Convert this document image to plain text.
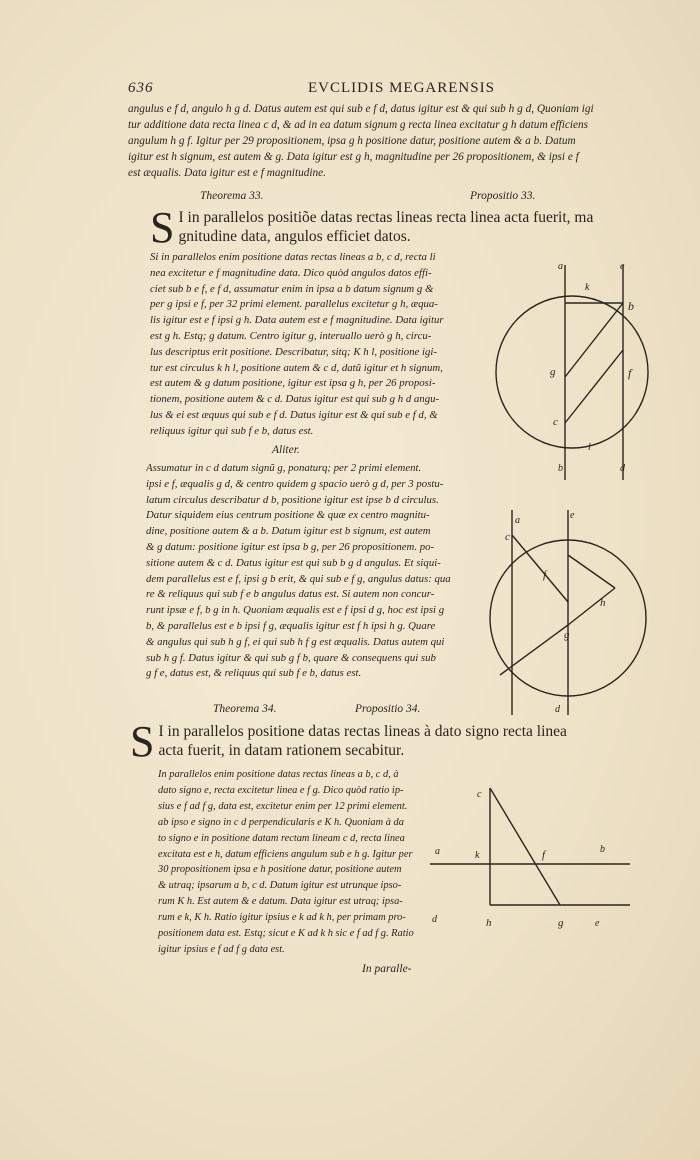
636	EVCLIDIS MEGARENSIS
angulus e f d, angulo h g d. Datus autem est qui sub e f d, datus igitur est & qui sub h g d, Quoniam igi
tur additione data recta linea c d, & ad in ea datum signum g recta linea excitatur g h datum efficiens
angulum h g f. Igitur per 29 propositionem, ipsa g h positione datur, positione autem & a b. Datum
igitur est h signum, est autem & g. Data igitur est g h, magnitudine per 26 propositionem, & ipsi e f
est æqualis. Data igitur est e f magnitudine.
Theorema 33.	Propositio 33.
S I in parallelos positiõe datas rectas lineas recta linea acta fuerit, ma
gnitudine data, angulos efficiet datos.
Si in parallelos enim positione datas rectas lineas a b, c d, recta li
nea excitetur e f magnitudine data. Dico quòd angulos datos effi-
ciet sub b e f, e f d, assumatur enim in ipsa a b datum signum g &
per g ipsi e f, per 32 primi element. parallelus excitetur g h, æqua-
lis igitur est e f ipsi g h. Data autem est e f magnitudine. Data igitur
est g h. Estq; g datum. Centro igitur g, interuallo uerò g h, circu-
lus descriptus erit positione. Describatur, sitq; K h l, positione igi-
tur est circulus k h l, positione autem & c d, datũ igitur et h signum,
est autem & g datum positione, igitur est ipsa g h, per 26 proposi-
tionem, positione autem & c d. Datus igitur est qui sub g h d angu-
lus & ei est æquus qui sub e f d. Datus igitur est & qui sub e f d, &
reliquus igitur qui sub f e b, datus est.
Aliter.
Assumatur in c d datum signũ g, ponaturq; per 2 primi element.
ipsi e f, æqualis g d, & centro quidem g spacio uerò g d, per 3 postu-
latum circulus describatur d b, positione igitur est ipse b d circulus.
Datur siquidem eius centrum positione & quæ ex centro magnitu-
dine, positione autem & a b. Datum igitur est b signum, est autem
& g datum: positione igitur est ipsa b g, per 26 propositionem. po-
sitione autem & c d. Datus igitur est qui sub b g d angulus. Et siqui-
dem parallelus est e f, ipsi g b erit, & qui sub e f g, angulus datus: qua
re & reliquus qui sub f e b angulus datus est. Si autem non concur-
runt ipsæ e f, b g in h. Quoniam æqualis est e f ipsi d g, hoc est ipsi g
b, & parallelus est e b ipsi f g, æqualis igitur est f h ipsi h g. Quare
& angulus qui sub h g f, ei qui sub h f g est æqualis. Datus autem qui
sub h g f. Datus igitur & qui sub g f b, quare & consequens qui sub
g f e, datus est, & reliquus qui sub f e b, datus est.
Theorema 34.	Propositio 34.
S I in parallelos positione datas rectas lineas à dato signo recta linea
acta fuerit, in datam rationem secabitur.
In parallelos enim positione datas rectas lineas a b, c d, à
dato signo e, recta excitetur linea e f g. Dico quòd ratio ip-
sius e f ad f g, data est, excitetur enim per 12 primi element.
ab ipso e signo in c d perpendicularis e K h. Quoniam à da
to signo e in positione datam rectam lineam c d, recta linea
excitata est e h, datum efficiens angulum sub e h g. Igitur per
30 propositionem ipsa e h positione datur, positione autem
& utraq; ipsarum a b, c d. Datum igitur est utrunque ipso-
rum K h. Est autem & e datum. Data igitur est utraq; ipsa-
rum e k, K h. Ratio igitur ipsius e k ad k h, per primam pro-
positionem data est. Estq; sicut e K ad k h sic e f ad f g. Ratio
igitur ipsius e f ad f g data est.
In paralle-
a	e
k
b
g	f
c
l
b	d
a	e
c
f
h
g
d
c
a	k	f	b
d	h	g	e
